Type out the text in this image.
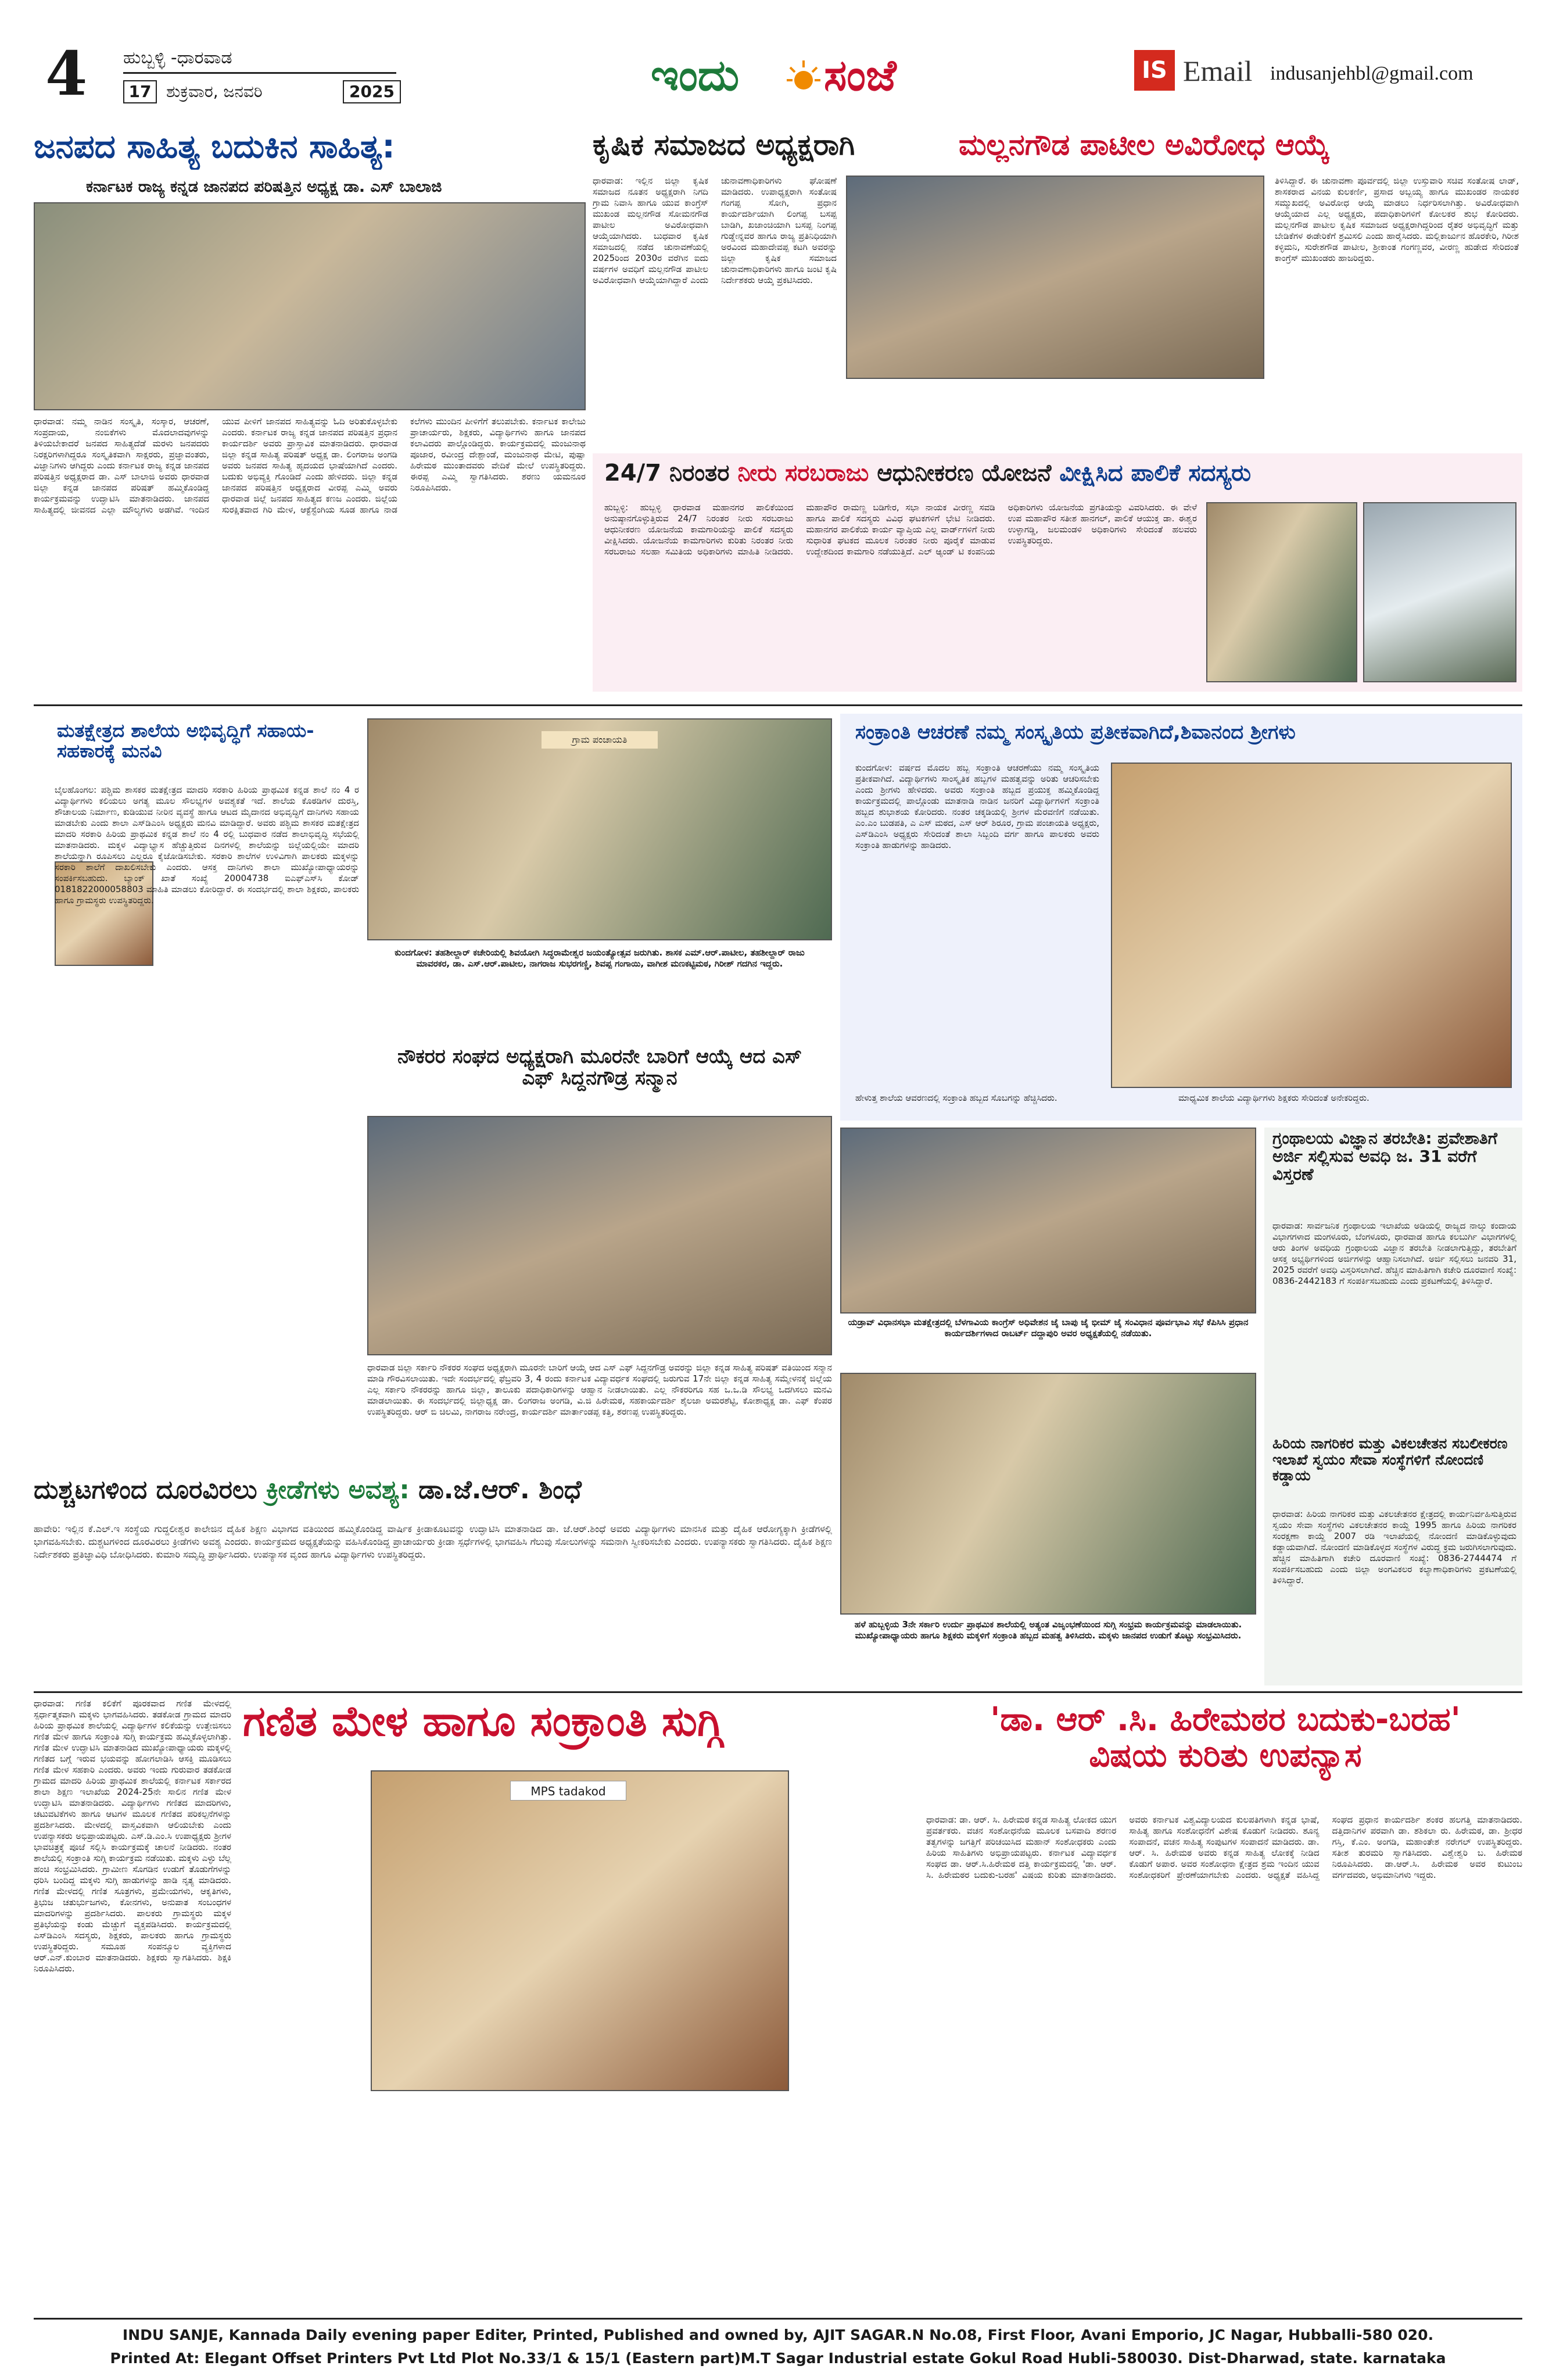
4 ಹುಬ್ಬಳ್ಳಿ -ಧಾರವಾಡ
17 ಶುಕ್ರವಾರ, ಜನವರಿ	2025	ಇಂದು	ಸಂಜೆ	IS Email indusanjehbl@gmail.com
ಜನಪದ ಸಾಹಿತ್ಯ ಬದುಕಿನ ಸಾಹಿತ್ಯ:
ಕರ್ನಾಟಕ ರಾಜ್ಯ ಕನ್ನಡ ಜಾನಪದ ಪರಿಷತ್ತಿನ ಅಧ್ಯಕ್ಷ ಡಾ. ಎಸ್ ಬಾಲಾಜಿ
ಧಾರವಾಡ: ನಮ್ಮ ನಾಡಿನ ಸಂಸ್ಕೃತಿ, ಸಂಸ್ಕಾರ, ಆಚರಣೆ, ಸಂಪ್ರದಾಯ, ನಂಬಿಕೆಗಳು ಮೊದಲಾದವುಗಳನ್ನು ತಿಳಿಯಬೇಕಾದರೆ ಜನಪದ ಸಾಹಿತ್ಯದೆಡೆ ಮರಳು ಜನಪದರು ನಿರಕ್ಷರಿಗಳಾಗಿದ್ದರೂ ಸಂಸ್ಕೃತಿಕವಾಗಿ ಸಾಕ್ಷರರು, ಪ್ರಜ್ಞಾವಂತರು, ವಿಜ್ಞಾನಿಗಳು ಆಗಿದ್ದರು ಎಂದು ಕರ್ನಾಟಕ ರಾಜ್ಯ ಕನ್ನಡ ಜಾನಪದ ಪರಿಷತ್ತಿನ ಅಧ್ಯಕ್ಷರಾದ ಡಾ. ಎಸ್ ಬಾಲಾಜಿ ಅವರು ಧಾರವಾಡ ಜಿಲ್ಲಾ ಕನ್ನಡ ಜಾನಪದ ಪರಿಷತ್ ಹಮ್ಮಿಕೊಂಡಿದ್ದ ಕಾರ್ಯಕ್ರಮವನ್ನು ಉದ್ಘಾಟಿಸಿ ಮಾತನಾಡಿದರು. ಜಾನಪದ ಸಾಹಿತ್ಯದಲ್ಲಿ ಜೀವನದ ಎಲ್ಲಾ ಮೌಲ್ಯಗಳು ಅಡಗಿವೆ. ಇಂದಿನ ಯುವ ಪೀಳಿಗೆ ಜಾನಪದ ಸಾಹಿತ್ಯವನ್ನು ಓದಿ ಅರಿತುಕೊಳ್ಳಬೇಕು ಎಂದರು. ಕರ್ನಾಟಕ ರಾಜ್ಯ ಕನ್ನಡ ಜಾನಪದ ಪರಿಷತ್ತಿನ ಪ್ರಧಾನ ಕಾರ್ಯದರ್ಶಿ ಅವರು ಪ್ರಾಸ್ತಾವಿಕ ಮಾತನಾಡಿದರು. ಧಾರವಾಡ ಜಿಲ್ಲಾ ಕನ್ನಡ ಸಾಹಿತ್ಯ ಪರಿಷತ್ ಅಧ್ಯಕ್ಷ ಡಾ. ಲಿಂಗರಾಜ ಅಂಗಡಿ ಅವರು ಜನಪದ ಸಾಹಿತ್ಯ ಹೃದಯದ ಭಾಷೆಯಾಗಿದೆ ಎಂದರು. ಬದುಕು ಅಭಿವ್ಯಕ್ತಿ ಗೊಂಡಿದೆ ಎಂದು ಹೇಳಿದರು. ಜಿಲ್ಲಾ ಕನ್ನಡ ಜಾನಪದ ಪರಿಷತ್ತಿನ ಅಧ್ಯಕ್ಷರಾದ ವೀರಪ್ಪ ಎಮ್ಮಿ ಅವರು ಧಾರವಾಡ ಜಿಲ್ಲೆ ಜನಪದ ಸಾಹಿತ್ಯದ ಕಣಜ ಎಂದರು. ಜಿಲ್ಲೆಯ ಸುರಕ್ಷಿತವಾದ ಗಿರಿ ಮೇಳ, ಆಕ್ಟೆಸ್ಟೆಂಗಿಯ ಸೂಡ ಹಾಗೂ ನಾಡ ಕಲೆಗಳು ಮುಂದಿನ ಪೀಳಿಗೆಗೆ ತಲುಪಬೇಕು. ಕರ್ನಾಟಕ ಕಾಲೇಜು ಪ್ರಾಚಾರ್ಯರು, ಶಿಕ್ಷಕರು, ವಿದ್ಯಾರ್ಥಿಗಳು ಹಾಗೂ ಜಾನಪದ ಕಲಾವಿದರು ಪಾಲ್ಗೊಂಡಿದ್ದರು. ಕಾರ್ಯಕ್ರಮದಲ್ಲಿ ಮಂಜುನಾಥ ಪೂಜಾರ, ರವೀಂದ್ರ ದೇಶ್ಪಾಂಡೆ, ಮಂಜುನಾಥ ಮೇಟಿ, ಪುಷ್ಪಾ ಹಿರೇಮಠ ಮುಂತಾದವರು ವೇದಿಕೆ ಮೇಲೆ ಉಪಸ್ಥಿತರಿದ್ದರು. ಈರಪ್ಪ ಎಮ್ಮಿ ಸ್ವಾಗತಿಸಿದರು. ಶರಣು ಯಮನೂರ ನಿರೂಪಿಸಿದರು.
ಕೃಷಿಕ ಸಮಾಜದ ಅಧ್ಯಕ್ಷರಾಗಿ	ಮಲ್ಲನಗೌಡ ಪಾಟೀಲ ಅವಿರೋಧ ಆಯ್ಕೆ
ಧಾರವಾಡ: ಇಲ್ಲಿನ ಜಿಲ್ಲಾ ಕೃಷಿಕ ಸಮಾಜದ ನೂತನ ಅಧ್ಯಕ್ಷರಾಗಿ ನಿಗದಿ ಗ್ರಾಮ ನಿವಾಸಿ ಹಾಗೂ ಯುವ ಕಾಂಗ್ರೆಸ್ ಮುಖಂಡ ಮಲ್ಲನಗೌಡ ಸೋಮನಗೌಡ ಪಾಟೀಲ ಅವಿರೋಧವಾಗಿ ಆಯ್ಕೆಯಾಗಿದರು. ಬುಧವಾರ ಕೃಷಿಕ ಸಮಾಜದಲ್ಲಿ ನಡೆದ ಚುನಾವಣೆಯಲ್ಲಿ 2025ರಿಂದ 2030ರ ವರೆಗಿನ ಐದು ವರ್ಷಗಳ ಅವಧಿಗೆ ಮಲ್ಲನಗೌಡ ಪಾಟೀಲ ಅವಿರೋಧವಾಗಿ ಆಯ್ಕೆಯಾಗಿದ್ದಾರೆ ಎಂದು ಚುನಾವಣಾಧಿಕಾರಿಗಳು ಘೋಷಣೆ ಮಾಡಿದರು. ಉಪಾಧ್ಯಕ್ಷರಾಗಿ ಸಂತೋಷ ಗಂಗಪ್ಪ ಸೋಗಿ, ಪ್ರಧಾನ ಕಾರ್ಯದರ್ಶಿಯಾಗಿ ಲಿಂಗಪ್ಪ ಬಸಪ್ಪ ಬಾಡಿಗಿ, ಖಜಾಂಚಿಯಾಗಿ ಬಸಪ್ಪ ನಿಂಗಪ್ಪ ಗುಡ್ಡೇನ್ನವರ ಹಾಗೂ ರಾಜ್ಯ ಪ್ರತಿನಿಧಿಯಾಗಿ ಅರವಿಂದ ಮಹಾದೇವಪ್ಪ ಕಟಗಿ ಅವರನ್ನು ಜಿಲ್ಲಾ ಕೃಷಿಕ ಸಮಾಜದ ಚುನಾವಣಾಧಿಕಾರಿಗಳು ಹಾಗೂ ಜಂಟಿ ಕೃಷಿ ನಿರ್ದೇಶಕರು ಆಯ್ಕೆ ಪ್ರಕಟಿಸಿದರು.
ತಿಳಿಸಿದ್ದಾರೆ. ಈ ಚುನಾವಣಾ ಪೂರ್ವದಲ್ಲಿ ಜಿಲ್ಲಾ ಉಸ್ತುವಾರಿ ಸಚಿವ ಸಂತೋಷ ಲಾಡ್, ಶಾಸಕರಾದ ವಿನಯ ಕುಲಕರ್ಣಿ, ಪ್ರಸಾದ ಅಬ್ಬಯ್ಯ ಹಾಗೂ ಮುಖಂಡರ ನಾಯಕರ ಸಮ್ಮುಖದಲ್ಲಿ ಅವಿರೋಧ ಆಯ್ಕೆ ಮಾಡಲು ನಿರ್ಧರಿಸಲಾಗಿತ್ತು. ಅವಿರೋಧವಾಗಿ ಆಯ್ಕೆಯಾದ ಎಲ್ಲ ಅಧ್ಯಕ್ಷರು, ಪದಾಧಿಕಾರಿಗಳಿಗೆ ಕೋಲಕರ ಶುಭ ಕೋರಿದರು. ಮಲ್ಲನಗೌಡ ಪಾಟೀಲ ಕೃಷಿಕ ಸಮಾಜದ ಅಧ್ಯಕ್ಷರಾಗಿದ್ದರಿಂದ ರೈತರ ಅಭಿವೃದ್ಧಿಗೆ ಮತ್ತು ಬೇಡಿಕೆಗಳ ಈಡೇರಿಕೆಗೆ ಶ್ರಮಿಸಲಿ ಎಂದು ಹಾರೈಸಿದರು. ಮಲ್ಲಿಕಾರ್ಜುನ ಹೊರಕೇರಿ, ಗಿರೀಶ ಕಳ್ಳಿಮನಿ, ಸುರೇಶಗೌಡ ಪಾಟೀಲ, ಶ್ರೀಕಾಂತ ಗಂಗಣ್ಣವರ, ವೀರಣ್ಣ ಹುಡೇದ ಸೇರಿದಂತೆ ಕಾಂಗ್ರೆಸ್ ಮುಖಂಡರು ಹಾಜರಿದ್ದರು.
24/7 ನಿರಂತರ ನೀರು ಸರಬರಾಜು ಆಧುನೀಕರಣ ಯೋಜನೆ ವೀಕ್ಷಿಸಿದ ಪಾಲಿಕೆ ಸದಸ್ಯರು
ಹುಬ್ಬಳ್ಳಿ: ಹುಬ್ಬಳ್ಳಿ ಧಾರವಾಡ ಮಹಾನಗರ ಪಾಲಿಕೆಯಿಂದ ಅನುಷ್ಠಾನಗೊಳ್ಳುತ್ತಿರುವ 24/7 ನಿರಂತರ ನೀರು ಸರಬರಾಜು ಆಧುನೀಕರಣ ಯೋಜನೆಯ ಕಾಮಗಾರಿಯನ್ನು ಪಾಲಿಕೆ ಸದಸ್ಯರು ವೀಕ್ಷಿಸಿದರು. ಯೋಜನೆಯ ಕಾಮಗಾರಿಗಳು ಕುರಿತು ನಿರಂತರ ನೀರು ಸರಬರಾಜು ಸಲಹಾ ಸಮಿತಿಯ ಅಧಿಕಾರಿಗಳು ಮಾಹಿತಿ ನೀಡಿದರು. ಮಹಾಪೌರ ರಾಮಣ್ಣ ಬಡಿಗೇರ, ಸಭಾ ನಾಯಕ ವೀರಣ್ಣ ಸವಡಿ ಹಾಗೂ ಪಾಲಿಕೆ ಸದಸ್ಯರು ವಿವಿಧ ಘಟಕಗಳಿಗೆ ಭೇಟಿ ನೀಡಿದರು. ಮಹಾನಗರ ಪಾಲಿಕೆಯ ಕಾರ್ಯ ವ್ಯಾಪ್ತಿಯ ಎಲ್ಲ ವಾರ್ಡ್‌ಗಳಿಗೆ ನೀರು ಸುಧಾರಿತ ಘಟಕದ ಮೂಲಕ ನಿರಂತರ ನೀರು ಪೂರೈಕೆ ಮಾಡುವ ಉದ್ದೇಶದಿಂದ ಕಾಮಗಾರಿ ನಡೆಯುತ್ತಿದೆ. ಎಲ್ ಆ್ಯಂಡ್ ಟಿ ಕಂಪನಿಯ ಅಧಿಕಾರಿಗಳು ಯೋಜನೆಯ ಪ್ರಗತಿಯನ್ನು ವಿವರಿಸಿದರು. ಈ ವೇಳೆ ಉಪ ಮಹಾಪೌರ ಸತೀಶ ಹಾನಗಲ್, ಪಾಲಿಕೆ ಆಯುಕ್ತ ಡಾ. ಈಶ್ವರ ಉಳ್ಳಾಗಡ್ಡಿ, ಜಲಮಂಡಳಿ ಅಧಿಕಾರಿಗಳು ಸೇರಿದಂತೆ ಹಲವರು ಉಪಸ್ಥಿತರಿದ್ದರು.
ಮತಕ್ಷೇತ್ರದ ಶಾಲೆಯ ಅಭಿವೃದ್ಧಿಗೆ ಸಹಾಯ-ಸಹಕಾರಕ್ಕೆ ಮನವಿ
ಬೈಲಹೊಂಗಲ: ಪಶ್ಚಿಮ ಶಾಸಕರ ಮತಕ್ಷೇತ್ರದ ಮಾದರಿ ಸರಕಾರಿ ಹಿರಿಯ ಪ್ರಾಥಮಿಕ ಕನ್ನಡ ಶಾಲೆ ನಂ 4 ರ ವಿದ್ಯಾರ್ಥಿಗಳು ಕಲಿಯಲು ಅಗತ್ಯ ಮೂಲ ಸೌಲಭ್ಯಗಳ ಅವಶ್ಯಕತೆ ಇದೆ. ಶಾಲೆಯ ಕೊಠಡಿಗಳ ದುರಸ್ತಿ, ಶೌಚಾಲಯ ನಿರ್ಮಾಣ, ಕುಡಿಯುವ ನೀರಿನ ವ್ಯವಸ್ಥೆ ಹಾಗೂ ಆಟದ ಮೈದಾನದ ಅಭಿವೃದ್ಧಿಗೆ ದಾನಿಗಳು ಸಹಾಯ ಮಾಡಬೇಕು ಎಂದು ಶಾಲಾ ಎಸ್‌ಡಿಎಂಸಿ ಅಧ್ಯಕ್ಷರು ಮನವಿ ಮಾಡಿದ್ದಾರೆ. ಅವರು ಪಶ್ಚಿಮ ಶಾಸಕರ ಮತಕ್ಷೇತ್ರದ ಮಾದರಿ ಸರಕಾರಿ ಹಿರಿಯ ಪ್ರಾಥಮಿಕ ಕನ್ನಡ ಶಾಲೆ ನಂ 4 ರಲ್ಲಿ ಬುಧವಾರ ನಡೆದ ಶಾಲಾಭಿವೃದ್ಧಿ ಸಭೆಯಲ್ಲಿ ಮಾತನಾಡಿದರು. ಮಕ್ಕಳ ವಿದ್ಯಾಭ್ಯಾಸ ಹೆಚ್ಚುತ್ತಿರುವ ದಿನಗಳಲ್ಲಿ ಶಾಲೆಯನ್ನು ಜಿಲ್ಲೆಯಲ್ಲಿಯೇ ಮಾದರಿ ಶಾಲೆಯನ್ನಾಗಿ ರೂಪಿಸಲು ಎಲ್ಲರೂ ಕೈಜೋಡಿಸಬೇಕು. ಸರಕಾರಿ ಶಾಲೆಗಳ ಉಳಿವಿಗಾಗಿ ಪಾಲಕರು ಮಕ್ಕಳನ್ನು ಸರಕಾರಿ ಶಾಲೆಗೆ ದಾಖಲಿಸಬೇಕು ಎಂದರು. ಆಸಕ್ತ ದಾನಿಗಳು ಶಾಲಾ ಮುಖ್ಯೋಪಾಧ್ಯಾಯರನ್ನು ಸಂಪರ್ಕಿಸಬಹುದು. ಬ್ಯಾಂಕ್ ಖಾತೆ ಸಂಖ್ಯೆ 20004738 ಐಎಫ್ಎಸ್‌ಸಿ ಕೋಡ್ 0181822000058803 ಮಾಹಿತಿ ಮಾಡಲು ಕೋರಿದ್ದಾರೆ. ಈ ಸಂದರ್ಭದಲ್ಲಿ ಶಾಲಾ ಶಿಕ್ಷಕರು, ಪಾಲಕರು ಹಾಗೂ ಗ್ರಾಮಸ್ಥರು ಉಪಸ್ಥಿತರಿದ್ದರು.
ಗ್ರಾಮ ಪಂಚಾಯತಿ
ಕುಂದಗೋಳ: ತಹಶೀಲ್ದಾರ್ ಕಚೇರಿಯಲ್ಲಿ ಶಿವಯೋಗಿ ಸಿದ್ಧರಾಮೇಶ್ವರ ಜಯಂತ್ಯೋತ್ಸವ ಜರುಗಿತು. ಶಾಸಕ ಎಮ್.ಆರ್.ಪಾಟೀಲ, ತಹಶೀಲ್ದಾರ್ ರಾಜು ಮಾವರಕರ, ಡಾ. ಎಸ್.ಆರ್.ಪಾಟೀಲ, ನಾಗರಾಜ ಸುಭರಗಣ್ಣಿ, ಶಿವಪ್ಪ ಗಂಗಾಯಿ, ವಾಗೀಶ ಮಣಕಟ್ಟಿಮಠ, ಗಿರೀಶ್ ಗದಗಿನ ಇದ್ದರು.
ನೌಕರರ ಸಂಘದ ಅಧ್ಯಕ್ಷರಾಗಿ ಮೂರನೇ ಬಾರಿಗೆ ಆಯ್ಕೆ ಆದ ಎಸ್ ಎಫ್ ಸಿದ್ದನಗೌಡ್ರ ಸನ್ಮಾನ
ಧಾರವಾಡ ಜಿಲ್ಲಾ ಸರ್ಕಾರಿ ನೌಕರರ ಸಂಘದ ಅಧ್ಯಕ್ಷರಾಗಿ ಮೂರನೇ ಬಾರಿಗೆ ಆಯ್ಕೆ ಆದ ಎಸ್ ಎಫ್ ಸಿದ್ದನಗೌಡ್ರ ಅವರನ್ನು ಜಿಲ್ಲಾ ಕನ್ನಡ ಸಾಹಿತ್ಯ ಪರಿಷತ್ ವತಿಯಿಂದ ಸನ್ಮಾನ ಮಾಡಿ ಗೌರವಿಸಲಾಯಿತು. ಇದೇ ಸಂದರ್ಭದಲ್ಲಿ ಫೆಬ್ರವರಿ 3, 4 ರಂದು ಕರ್ನಾಟಕ ವಿದ್ಯಾವರ್ಧಕ ಸಂಘದಲ್ಲಿ ಜರುಗುವ 17ನೇ ಜಿಲ್ಲಾ ಕನ್ನಡ ಸಾಹಿತ್ಯ ಸಮ್ಮೇಳನಕ್ಕೆ ಜಿಲ್ಲೆಯ ಎಲ್ಲ ಸರ್ಕಾರಿ ನೌಕರರನ್ನು ಹಾಗೂ ಜಿಲ್ಲಾ, ತಾಲೂಕು ಪದಾಧಿಕಾರಿಗಳನ್ನು ಆಹ್ವಾನ ನೀಡಲಾಯಿತು. ಎಲ್ಲ ನೌಕರರಿಗೂ ಸಹ ಒ.ಒ.ಡಿ ಸೌಲಭ್ಯ ಒದಗಿಸಲು ಮನವಿ ಮಾಡಲಾಯಿತು. ಈ ಸಂದರ್ಭದಲ್ಲಿ ಜಿಲ್ಲಾಧ್ಯಕ್ಷ ಡಾ. ಲಿಂಗರಾಜ ಅಂಗಡಿ, ವಿ.ಜಿ ಹಿರೇಮಠ, ಸಹಕಾರ್ಯದರ್ಶಿ ಶೈಲಜಾ ಅಮರಶೆಟ್ಟಿ, ಕೋಶಾಧ್ಯಕ್ಷ ಡಾ. ಎಫ್ ಕೆಂಪರ ಉಪಸ್ಥಿತರಿದ್ದರು. ಆರ್ ಬಿ ಚಿಲಮಿ, ನಾಗರಾಜ ನರೇಂದ್ರ, ಕಾರ್ಯದರ್ಶಿ ಮಾರ್ತಾಂಡಪ್ಪ ಕತ್ತಿ, ಶರಣಪ್ಪ ಉಪಸ್ಥಿತರಿದ್ದರು.
ಸಂಕ್ರಾಂತಿ ಆಚರಣೆ ನಮ್ಮ ಸಂಸ್ಕೃತಿಯ ಪ್ರತೀಕವಾಗಿದೆ,ಶಿವಾನಂದ ಶ್ರೀಗಳು
ಕುಂದಗೋಳ: ವರ್ಷದ ಮೊದಲ ಹಬ್ಬ ಸಂಕ್ರಾಂತಿ ಆಚರಣೆಯು ನಮ್ಮ ಸಂಸ್ಕೃತಿಯ ಪ್ರತೀಕವಾಗಿದೆ. ವಿದ್ಯಾರ್ಥಿಗಳು ಸಾಂಸ್ಕೃತಿಕ ಹಬ್ಬಗಳ ಮಹತ್ವವನ್ನು ಅರಿತು ಆಚರಿಸಬೇಕು ಎಂದು ಶ್ರೀಗಳು ಹೇಳಿದರು. ಅವರು ಸಂಕ್ರಾಂತಿ ಹಬ್ಬದ ಪ್ರಯುಕ್ತ ಹಮ್ಮಿಕೊಂಡಿದ್ದ ಕಾರ್ಯಕ್ರಮದಲ್ಲಿ ಪಾಲ್ಗೊಂಡು ಮಾತನಾಡಿ ನಾಡಿನ ಜನರಿಗೆ ವಿದ್ಯಾರ್ಥಿಗಳಿಗೆ ಸಂಕ್ರಾಂತಿ ಹಬ್ಬದ ಶುಭಾಶಯ ಕೋರಿದರು. ನಂತರ ಚಕ್ಕಡಿಯಲ್ಲಿ ಶ್ರೀಗಳ ಮೆರವಣಿಗೆ ನಡೆಯಿತು. ಎಂ.ಎಂ ಬುಡಪತಿ, ಎ ಎಸ್ ಮಠದ, ಎಸ್ ಆರ್ ಶಿರೂರ, ಗ್ರಾಮ ಪಂಚಾಯತಿ ಅಧ್ಯಕ್ಷರು, ಎಸ್‌ಡಿಎಂಸಿ ಅಧ್ಯಕ್ಷರು ಸೇರಿದಂತೆ ಶಾಲಾ ಸಿಬ್ಬಂದಿ ವರ್ಗ ಹಾಗೂ ಪಾಲಕರು ಅವರು ಸಂಕ್ರಾಂತಿ ಹಾಡುಗಳನ್ನು ಹಾಡಿದರು.
ಹೇಳುತ್ತ ಶಾಲೆಯ ಆವರಣದಲ್ಲಿ ಸಂಕ್ರಾಂತಿ ಹಬ್ಬದ ಸೊಬಗನ್ನು ಹೆಚ್ಚಿಸಿದರು.	ಮಾಧ್ಯಮಿಕ ಶಾಲೆಯ ವಿದ್ಯಾರ್ಥಿಗಳು ಶಿಕ್ಷಕರು ಸೇರಿದಂತೆ ಅನೇಕರಿದ್ದರು.
ಯಡ್ರಾವ್ ವಿಧಾನಸಭಾ ಮತಕ್ಷೇತ್ರದಲ್ಲಿ ಬೆಳಗಾವಿಯ ಕಾಂಗ್ರೆಸ್ ಅಧಿವೇಶನ ಜೈ ಬಾಪು ಜೈ ಭೀಮ್ ಜೈ ಸಂವಿಧಾನ ಪೂರ್ವಭಾವಿ ಸಭೆ ಕೆಪಿಸಿಸಿ ಪ್ರಧಾನ ಕಾರ್ಯದರ್ಶಿಗಳಾದ ರಾಬರ್ಟ್ ದದ್ದಾಪುರಿ ಅವರ ಅಧ್ಯಕ್ಷತೆಯಲ್ಲಿ ನಡೆಯಿತು.
ಹಳೆ ಹುಬ್ಬಳ್ಳಿಯ 3ನೇ ಸರ್ಕಾರಿ ಉರ್ದು ಪ್ರಾಥಮಿಕ ಶಾಲೆಯಲ್ಲಿ ಅತ್ಯಂತ ವಿಜೃಂಭಣೆಯಿಂದ ಸುಗ್ಗಿ ಸಂಭ್ರಮ ಕಾರ್ಯಕ್ರಮವನ್ನು ಮಾಡಲಾಯಿತು. ಮುಖ್ಯೋಪಾಧ್ಯಾಯರು ಹಾಗೂ ಶಿಕ್ಷಕರು ಮಕ್ಕಳಿಗೆ ಸಂಕ್ರಾಂತಿ ಹಬ್ಬದ ಮಹತ್ವ ತಿಳಿಸಿದರು. ಮಕ್ಕಳು ಜಾನಪದ ಉಡುಗೆ ತೊಟ್ಟು ಸಂಭ್ರಮಿಸಿದರು.
ಗ್ರಂಥಾಲಯ ವಿಜ್ಞಾನ ತರಬೇತಿ: ಪ್ರವೇಶಾತಿಗೆ ಅರ್ಜಿ ಸಲ್ಲಿಸುವ ಅವಧಿ ಜ. 31 ವರೆಗೆ ವಿಸ್ತರಣೆ
ಧಾರವಾಡ: ಸಾರ್ವಜನಿಕ ಗ್ರಂಥಾಲಯ ಇಲಾಖೆಯ ಅಡಿಯಲ್ಲಿ ರಾಜ್ಯದ ನಾಲ್ಕು ಕಂದಾಯ ವಿಭಾಗಗಳಾದ ಮಂಗಳೂರು, ಬೆಂಗಳೂರು, ಧಾರವಾಡ ಹಾಗೂ ಕಲಬುರ್ಗಿ ವಿಭಾಗಗಳಲ್ಲಿ ಆರು ತಿಂಗಳ ಅವಧಿಯ ಗ್ರಂಥಾಲಯ ವಿಜ್ಞಾನ ತರಬೇತಿ ನೀಡಲಾಗುತ್ತಿದ್ದು, ತರಬೇತಿಗೆ ಆಸಕ್ತ ಅಭ್ಯರ್ಥಿಗಳಿಂದ ಅರ್ಜಿಗಳನ್ನು ಆಹ್ವಾನಿಸಲಾಗಿದೆ. ಅರ್ಜಿ ಸಲ್ಲಿಸಲು ಜನವರಿ 31, 2025 ರವರೆಗೆ ಅವಧಿ ವಿಸ್ತರಿಸಲಾಗಿದೆ. ಹೆಚ್ಚಿನ ಮಾಹಿತಿಗಾಗಿ ಕಚೇರಿ ದೂರವಾಣಿ ಸಂಖ್ಯೆ: 0836-2442183 ಗೆ ಸಂಪರ್ಕಿಸಬಹುದು ಎಂದು ಪ್ರಕಟಣೆಯಲ್ಲಿ ತಿಳಿಸಿದ್ದಾರೆ.
ಹಿರಿಯ ನಾಗರಿಕರ ಮತ್ತು ವಿಕಲಚೇತನ ಸಬಲೀಕರಣ ಇಲಾಖೆ ಸ್ವಯಂ ಸೇವಾ ಸಂಸ್ಥೆಗಳಿಗೆ ನೋಂದಣಿ ಕಡ್ಡಾಯ
ಧಾರವಾಡ: ಹಿರಿಯ ನಾಗರಿಕರ ಮತ್ತು ವಿಕಲಚೇತನರ ಕ್ಷೇತ್ರದಲ್ಲಿ ಕಾರ್ಯನಿರ್ವಹಿಸುತ್ತಿರುವ ಸ್ವಯಂ ಸೇವಾ ಸಂಸ್ಥೆಗಳು ವಿಕಲಚೇತನರ ಕಾಯ್ದೆ 1995 ಹಾಗೂ ಹಿರಿಯ ನಾಗರಿಕರ ಸಂರಕ್ಷಣಾ ಕಾಯ್ದೆ 2007 ರಡಿ ಇಲಾಖೆಯಲ್ಲಿ ನೋಂದಣಿ ಮಾಡಿಕೊಳ್ಳುವುದು ಕಡ್ಡಾಯವಾಗಿದೆ. ನೋಂದಣಿ ಮಾಡಿಕೊಳ್ಳದ ಸಂಸ್ಥೆಗಳ ವಿರುದ್ಧ ಕ್ರಮ ಜರುಗಿಸಲಾಗುವುದು. ಹೆಚ್ಚಿನ ಮಾಹಿತಿಗಾಗಿ ಕಚೇರಿ ದೂರವಾಣಿ ಸಂಖ್ಯೆ: 0836-2744474 ಗೆ ಸಂಪರ್ಕಿಸಬಹುದು ಎಂದು ಜಿಲ್ಲಾ ಅಂಗವಿಕಲರ ಕಲ್ಯಾಣಾಧಿಕಾರಿಗಳು ಪ್ರಕಟಣೆಯಲ್ಲಿ ತಿಳಿಸಿದ್ದಾರೆ.
ದುಶ್ಚಟಗಳಿಂದ ದೂರವಿರಲು ಕ್ರೀಡೆಗಳು ಅವಶ್ಯ: ಡಾ.ಜೆ.ಆರ್. ಶಿಂಧೆ
ಹಾವೇರಿ: ಇಲ್ಲಿನ ಕೆ.ಎಲ್.ಇ ಸಂಸ್ಥೆಯ ಗುದ್ದಲೀಶ್ವರ ಕಾಲೇಜಿನ ದೈಹಿಕ ಶಿಕ್ಷಣ ವಿಭಾಗದ ವತಿಯಿಂದ ಹಮ್ಮಿಕೊಂಡಿದ್ದ ವಾರ್ಷಿಕ ಕ್ರೀಡಾಕೂಟವನ್ನು ಉದ್ಘಾಟಿಸಿ ಮಾತನಾಡಿದ ಡಾ. ಜೆ.ಆರ್.ಶಿಂಧೆ ಅವರು ವಿದ್ಯಾರ್ಥಿಗಳು ಮಾನಸಿಕ ಮತ್ತು ದೈಹಿಕ ಆರೋಗ್ಯಕ್ಕಾಗಿ ಕ್ರೀಡೆಗಳಲ್ಲಿ ಭಾಗವಹಿಸಬೇಕು. ದುಶ್ಚಟಗಳಿಂದ ದೂರವಿರಲು ಕ್ರೀಡೆಗಳು ಅವಶ್ಯ ಎಂದರು. ಕಾರ್ಯಕ್ರಮದ ಅಧ್ಯಕ್ಷತೆಯನ್ನು ವಹಿಸಿಕೊಂಡಿದ್ದ ಪ್ರಾಚಾರ್ಯರು ಕ್ರೀಡಾ ಸ್ಪರ್ಧೆಗಳಲ್ಲಿ ಭಾಗವಹಿಸಿ ಗೆಲುವು ಸೋಲುಗಳನ್ನು ಸಮನಾಗಿ ಸ್ವೀಕರಿಸಬೇಕು ಎಂದರು. ಉಪನ್ಯಾಸಕರು ಸ್ವಾಗತಿಸಿದರು. ದೈಹಿಕ ಶಿಕ್ಷಣ ನಿರ್ದೇಶಕರು ಪ್ರತಿಜ್ಞಾವಿಧಿ ಬೋಧಿಸಿದರು. ಕುಮಾರಿ ಸಮೃದ್ಧಿ ಪ್ರಾರ್ಥಿಸಿದರು. ಉಪನ್ಯಾಸಕ ವೃಂದ ಹಾಗೂ ವಿದ್ಯಾರ್ಥಿಗಳು ಉಪಸ್ಥಿತರಿದ್ದರು.
ಧಾರವಾಡ: ಗಣಿತ ಕಲಿಕೆಗೆ ಪೂರಕವಾದ ಗಣಿತ ಮೇಳದಲ್ಲಿ ಸ್ಪರ್ಧಾತ್ಮಕವಾಗಿ ಮಕ್ಕಳು ಭಾಗವಹಿಸಿದರು. ತಡಕೋಡ ಗ್ರಾಮದ ಮಾದರಿ ಹಿರಿಯ ಪ್ರಾಥಮಿಕ ಶಾಲೆಯಲ್ಲಿ ವಿದ್ಯಾರ್ಥಿಗಳ ಕಲಿಕೆಯನ್ನು ಉತ್ತೇಜಿಸಲು ಗಣಿತ ಮೇಳ ಹಾಗೂ ಸಂಕ್ರಾಂತಿ ಸುಗ್ಗಿ ಕಾರ್ಯಕ್ರಮ ಹಮ್ಮಿಕೊಳ್ಳಲಾಗಿತ್ತು. ಗಣಿತ ಮೇಳ ಉದ್ಘಾಟಿಸಿ ಮಾತನಾಡಿದ ಮುಖ್ಯೋಪಾಧ್ಯಾಯರು ಮಕ್ಕಳಲ್ಲಿ ಗಣಿತದ ಬಗ್ಗೆ ಇರುವ ಭಯವನ್ನು ಹೋಗಲಾಡಿಸಿ ಆಸಕ್ತಿ ಮೂಡಿಸಲು ಗಣಿತ ಮೇಳ ಸಹಕಾರಿ ಎಂದರು. ಅವರು ಇಂದು ಗುರುವಾರ ತಡಕೋಡ ಗ್ರಾಮದ ಮಾದರಿ ಹಿರಿಯ ಪ್ರಾಥಮಿಕ ಶಾಲೆಯಲ್ಲಿ ಕರ್ನಾಟಕ ಸರ್ಕಾರದ ಶಾಲಾ ಶಿಕ್ಷಣ ಇಲಾಖೆಯ 2024-25ನೇ ಸಾಲಿನ ಗಣಿತ ಮೇಳ ಉದ್ಘಾಟಿಸಿ ಮಾತನಾಡಿದರು. ವಿದ್ಯಾರ್ಥಿಗಳು ಗಣಿತದ ಮಾದರಿಗಳು, ಚಟುವಟಿಕೆಗಳು ಹಾಗೂ ಆಟಗಳ ಮೂಲಕ ಗಣಿತದ ಪರಿಕಲ್ಪನೆಗಳನ್ನು ಪ್ರದರ್ಶಿಸಿದರು. ಮೇಳದಲ್ಲಿ ವಾಸ್ತವಿಕವಾಗಿ ಆಲಿಯಬೇಕು ಎಂದು ಉಪನ್ಯಾಸಕರು ಅಭಿಪ್ರಾಯಪಟ್ಟರು. ಎಸ್.ಡಿ.ಎಂ.ಸಿ ಉಪಾಧ್ಯಕ್ಷರು ಶ್ರೀಗಳ ಭಾವಚಿತ್ರಕ್ಕೆ ಪೂಜೆ ಸಲ್ಲಿಸಿ ಕಾರ್ಯಕ್ರಮಕ್ಕೆ ಚಾಲನೆ ನೀಡಿದರು. ನಂತರ ಶಾಲೆಯಲ್ಲಿ ಸಂಕ್ರಾಂತಿ ಸುಗ್ಗಿ ಕಾರ್ಯಕ್ರಮ ನಡೆಯಿತು. ಮಕ್ಕಳು ಎಳ್ಳು ಬೆಲ್ಲ ಹಂಚಿ ಸಂಭ್ರಮಿಸಿದರು. ಗ್ರಾಮೀಣ ಸೊಗಡಿನ ಉಡುಗೆ ತೊಡುಗೆಗಳನ್ನು ಧರಿಸಿ ಬಂದಿದ್ದ ಮಕ್ಕಳು ಸುಗ್ಗಿ ಹಾಡುಗಳನ್ನು ಹಾಡಿ ನೃತ್ಯ ಮಾಡಿದರು. ಗಣಿತ ಮೇಳದಲ್ಲಿ ಗಣಿತ ಸೂತ್ರಗಳು, ಪ್ರಮೇಯಗಳು, ಆಕೃತಿಗಳು, ತ್ರಿಭುಜ ಚತುರ್ಭುಜಗಳು, ಕೋನಗಳು, ಅನುಪಾತ ಸಂಬಂಧಗಳ ಮಾದರಿಗಳನ್ನು ಪ್ರದರ್ಶಿಸಿದರು. ಪಾಲಕರು ಗ್ರಾಮಸ್ಥರು ಮಕ್ಕಳ ಪ್ರತಿಭೆಯನ್ನು ಕಂಡು ಮೆಚ್ಚುಗೆ ವ್ಯಕ್ತಪಡಿಸಿದರು. ಕಾರ್ಯಕ್ರಮದಲ್ಲಿ ಎಸ್‌ಡಿಎಂಸಿ ಸದಸ್ಯರು, ಶಿಕ್ಷಕರು, ಪಾಲಕರು ಹಾಗೂ ಗ್ರಾಮಸ್ಥರು ಉಪಸ್ಥಿತರಿದ್ದರು. ಸಮೂಹ ಸಂಪನ್ಮೂಲ ವ್ಯಕ್ತಿಗಳಾದ ಆರ್.ಎನ್.ಕುಂಬಾರ ಮಾತನಾಡಿದರು. ಶಿಕ್ಷಕರು ಸ್ವಾಗತಿಸಿದರು. ಶಿಕ್ಷಕಿ ನಿರೂಪಿಸಿದರು.
ಗಣಿತ ಮೇಳ ಹಾಗೂ ಸಂಕ್ರಾಂತಿ ಸುಗ್ಗಿ
MPS tadakod
'ಡಾ. ಆರ್ .ಸಿ. ಹಿರೇಮಠರ ಬದುಕು-ಬರಹ' ವಿಷಯ ಕುರಿತು ಉಪನ್ಯಾಸ
ಧಾರವಾಡ: ಡಾ. ಆರ್. ಸಿ. ಹಿರೇಮಠ ಕನ್ನಡ ಸಾಹಿತ್ಯ ಲೋಕದ ಯುಗ ಪ್ರವರ್ತಕರು. ವಚನ ಸಂಶೋಧನೆಯ ಮೂಲಕ ಬಸವಾದಿ ಶರಣರ ತತ್ವಗಳನ್ನು ಜಗತ್ತಿಗೆ ಪರಿಚಯಿಸಿದ ಮಹಾನ್ ಸಂಶೋಧಕರು ಎಂದು ಹಿರಿಯ ಸಾಹಿತಿಗಳು ಅಭಿಪ್ರಾಯಪಟ್ಟರು. ಕರ್ನಾಟಕ ವಿದ್ಯಾವರ್ಧಕ ಸಂಘದ ಡಾ. ಆರ್.ಸಿ.ಹಿರೇಮಠ ದತ್ತಿ ಕಾರ್ಯಕ್ರಮದಲ್ಲಿ 'ಡಾ. ಆರ್. ಸಿ. ಹಿರೇಮಠರ ಬದುಕು-ಬರಹ' ವಿಷಯ ಕುರಿತು ಮಾತನಾಡಿದರು. ಅವರು ಕರ್ನಾಟಕ ವಿಶ್ವವಿದ್ಯಾಲಯದ ಕುಲಪತಿಗಳಾಗಿ ಕನ್ನಡ ಭಾಷೆ, ಸಾಹಿತ್ಯ ಹಾಗೂ ಸಂಶೋಧನೆಗೆ ವಿಶೇಷ ಕೊಡುಗೆ ನೀಡಿದರು. ಶೂನ್ಯ ಸಂಪಾದನೆ, ವಚನ ಸಾಹಿತ್ಯ ಸಂಪುಟಗಳ ಸಂಪಾದನೆ ಮಾಡಿದರು. ಡಾ. ಆರ್. ಸಿ. ಹಿರೇಮಠ ಅವರು ಕನ್ನಡ ಸಾಹಿತ್ಯ ಲೋಕಕ್ಕೆ ನೀಡಿದ ಕೊಡುಗೆ ಅಪಾರ. ಅವರ ಸಂಶೋಧನಾ ಕ್ಷೇತ್ರದ ಶ್ರಮ ಇಂದಿನ ಯುವ ಸಂಶೋಧಕರಿಗೆ ಪ್ರೇರಣೆಯಾಗಬೇಕು ಎಂದರು. ಅಧ್ಯಕ್ಷತೆ ವಹಿಸಿದ್ದ ಸಂಘದ ಪ್ರಧಾನ ಕಾರ್ಯದರ್ಶಿ ಶಂಕರ ಹಲಗತ್ತಿ ಮಾತನಾಡಿದರು. ದತ್ತಿದಾನಿಗಳ ಪರವಾಗಿ ಡಾ. ಶಶಿಕಲಾ ರು. ಹಿರೇಮಠ, ಡಾ. ಶ್ರೀಧರ ಗಸ್ತಿ, ಕೆ.ಎಂ. ಅಂಗಡಿ, ಮಹಾಂತೇಶ ನರೇಗಲ್ ಉಪಸ್ಥಿತರಿದ್ದರು. ಸತೀಶ ತುರಮರಿ ಸ್ವಾಗತಿಸಿದರು. ವಿಶ್ವೇಶ್ವರಿ ಬ. ಹಿರೇಮಠ ನಿರೂಪಿಸಿದರು. ಡಾ.ಆರ್.ಸಿ. ಹಿರೇಮಠ ಅವರ ಕುಟುಂಬ ವರ್ಗದವರು, ಅಭಿಮಾನಿಗಳು ಇದ್ದರು.
INDU SANJE, Kannada Daily evening paper Editer, Printed, Published and owned by, AJIT SAGAR.N No.08, First Floor, Avani Emporio, JC Nagar, Hubballi-580 020.
Printed At: Elegant Offset Printers Pvt Ltd Plot No.33/1 & 15/1 (Eastern part)M.T Sagar Industrial estate Gokul Road Hubli-580030. Dist-Dharwad, state. karnataka
